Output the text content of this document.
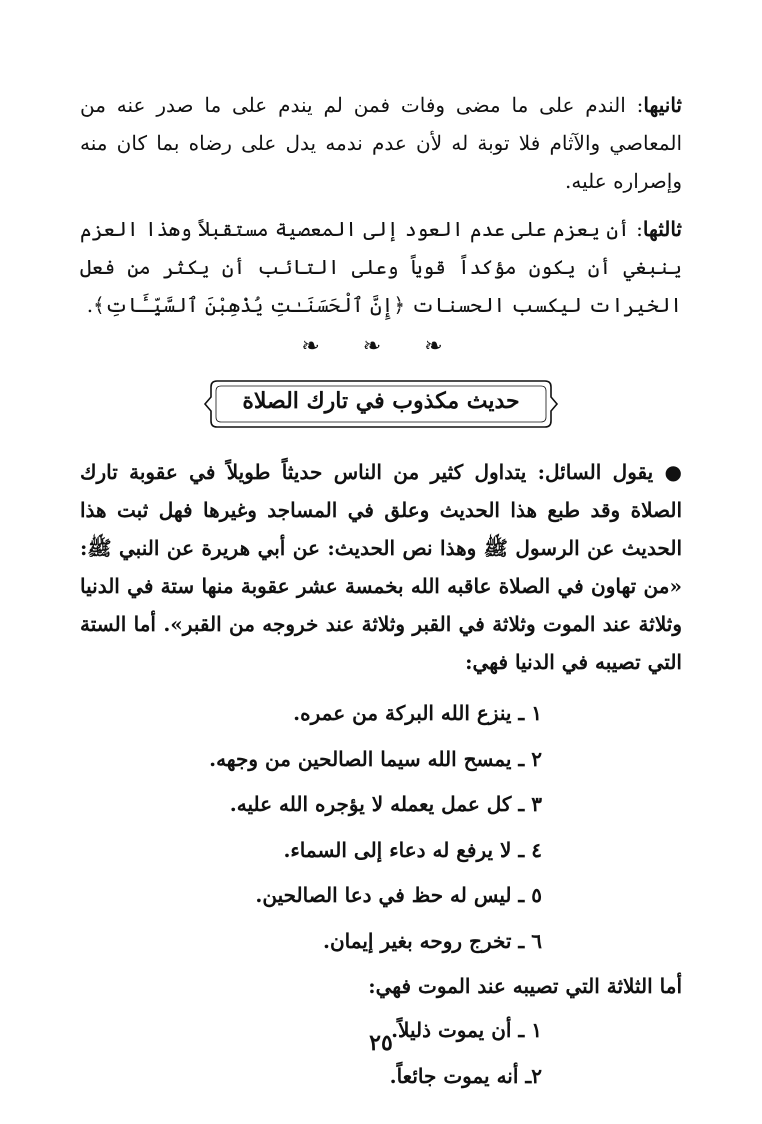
ثانيها: الندم على ما مضى وفات فمن لم يندم على ما صدر عنه من المعاصي والآثام فلا توبة له لأن عدم ندمه يدل على رضاه بما كان منه وإصراره عليه.

ثالثها: أن يعزم على عدم العود إلى المعصية مستقبلاً وهذا العزم ينبغي أن يكون مؤكداً قوياً وعلى التائب أن يكثر من فعل الخيرات ليكسب الحسنات ﴿إِنَّ ٱلْحَسَنَـٰتِ يُذْهِبْنَ ٱلسَّيِّـَٔاتِ﴾.

❧ ❧ ❧
حديث مكذوب في تارك الصلاة

● يقول السائل: يتداول كثير من الناس حديثاً طويلاً في عقوبة تارك الصلاة وقد طبع هذا الحديث وعلق في المساجد وغيرها فهل ثبت هذا الحديث عن الرسول ﷺ وهذا نص الحديث: عن أبي هريرة عن النبي ﷺ: «من تهاون في الصلاة عاقبه الله بخمسة عشر عقوبة منها ستة في الدنيا وثلاثة عند الموت وثلاثة في القبر وثلاثة عند خروجه من القبر». أما الستة التي تصيبه في الدنيا فهي:

١ ـ ينزع الله البركة من عمره.
٢ ـ يمسح الله سيما الصالحين من وجهه.
٣ ـ كل عمل يعمله لا يؤجره الله عليه.
٤ ـ لا يرفع له دعاء إلى السماء.
٥ ـ ليس له حظ في دعا الصالحين.
٦ ـ تخرج روحه بغير إيمان.
أما الثلاثة التي تصيبه عند الموت فهي:
١ ـ أن يموت ذليلاً.
٢ـ أنه يموت جائعاً.
٢٥
